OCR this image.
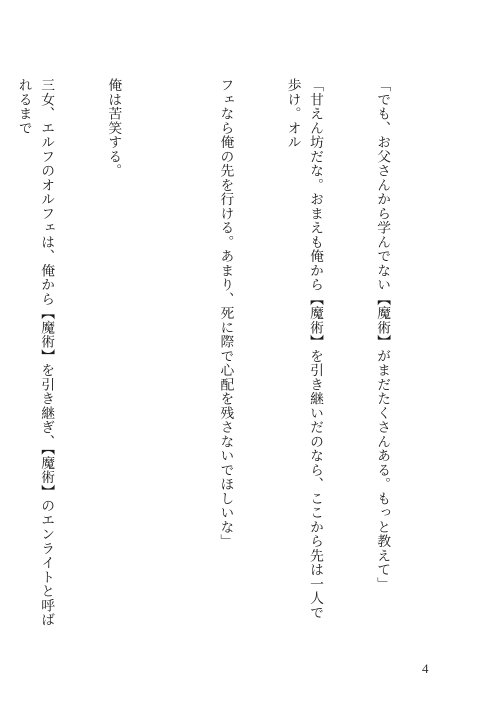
「でも、お父さんから学んでない【魔術】がまだたくさんある。もっと教えて」

「甘えん坊だな。おまえも俺から【魔術】を引き継いだのなら、ここから先は一人で歩け。オル

フェなら俺の先を行ける。あまり、死に際で心配を残さないでほしいな」

俺は苦笑する。

三女、エルフのオルフェは、俺から【魔術】を引き継ぎ、【魔術】のエンライトと呼ばれるまで

4
